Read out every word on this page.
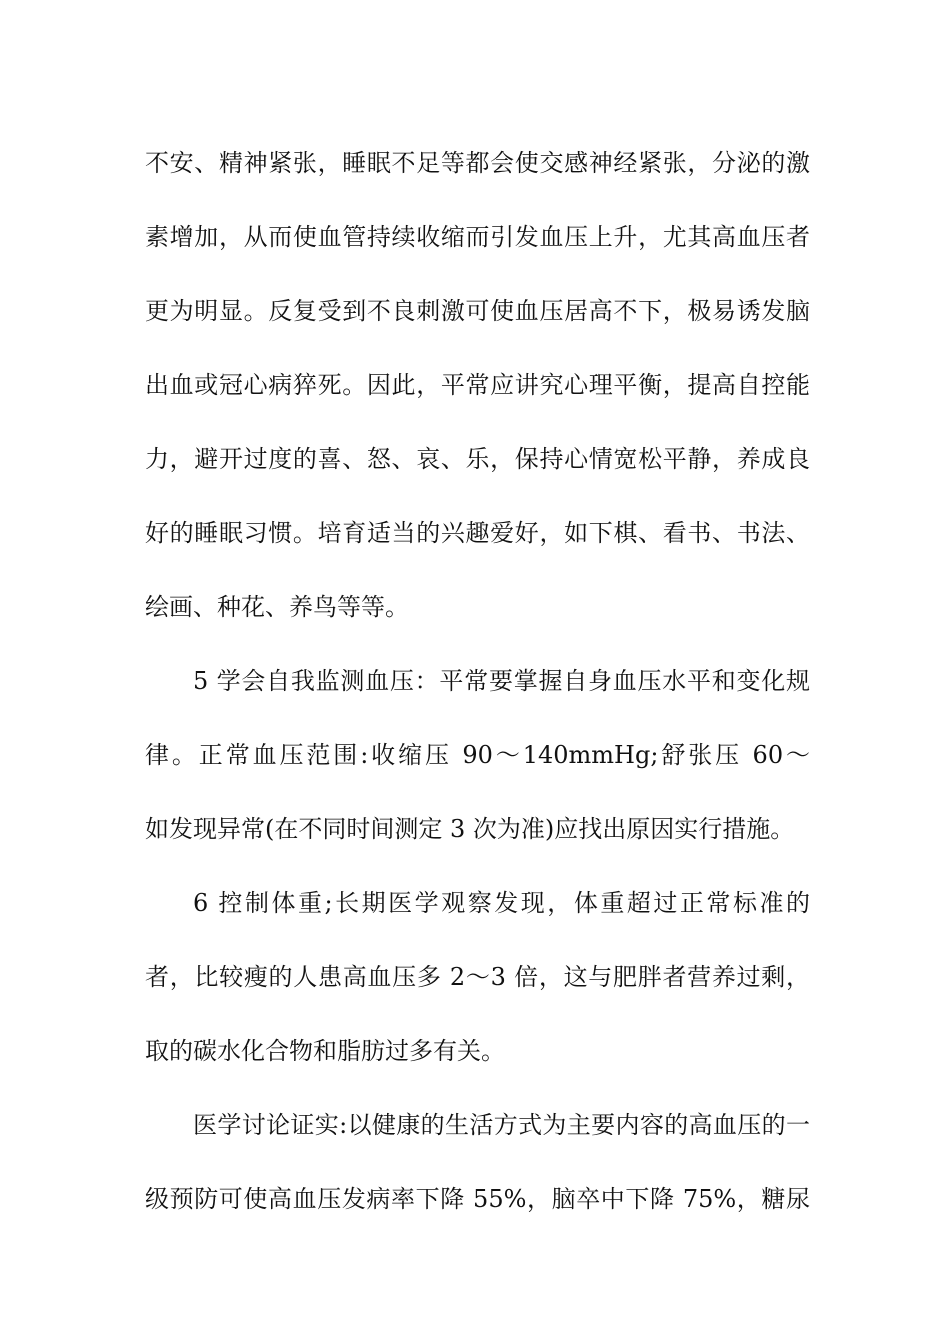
不安、精神紧张，睡眠不足等都会使交感神经紧张，分泌的激
素增加，从而使血管持续收缩而引发血压上升，尤其高血压者
更为明显。反复受到不良刺激可使血压居高不下，极易诱发脑
出血或冠心病猝死。因此，平常应讲究心理平衡，提高自控能
力，避开过度的喜、怒、哀、乐，保持心情宽松平静，养成良
好的睡眠习惯。培育适当的兴趣爱好，如下棋、看书、书法、
绘画、种花、养鸟等等。
5 学会自我监测血压：平常要掌握自身血压水平和变化规
律。正常血压范围:收缩压 90～140mmHg;舒张压 60～
如发现异常(在不同时间测定 3 次为准)应找出原因实行措施。
6 控制体重;长期医学观察发现，体重超过正常标准的
者，比较瘦的人患高血压多 2～3 倍，这与肥胖者营养过剩，
取的碳水化合物和脂肪过多有关。
医学讨论证实:以健康的生活方式为主要内容的高血压的一
级预防可使高血压发病率下降 55%，脑卒中下降 75%，糖尿
